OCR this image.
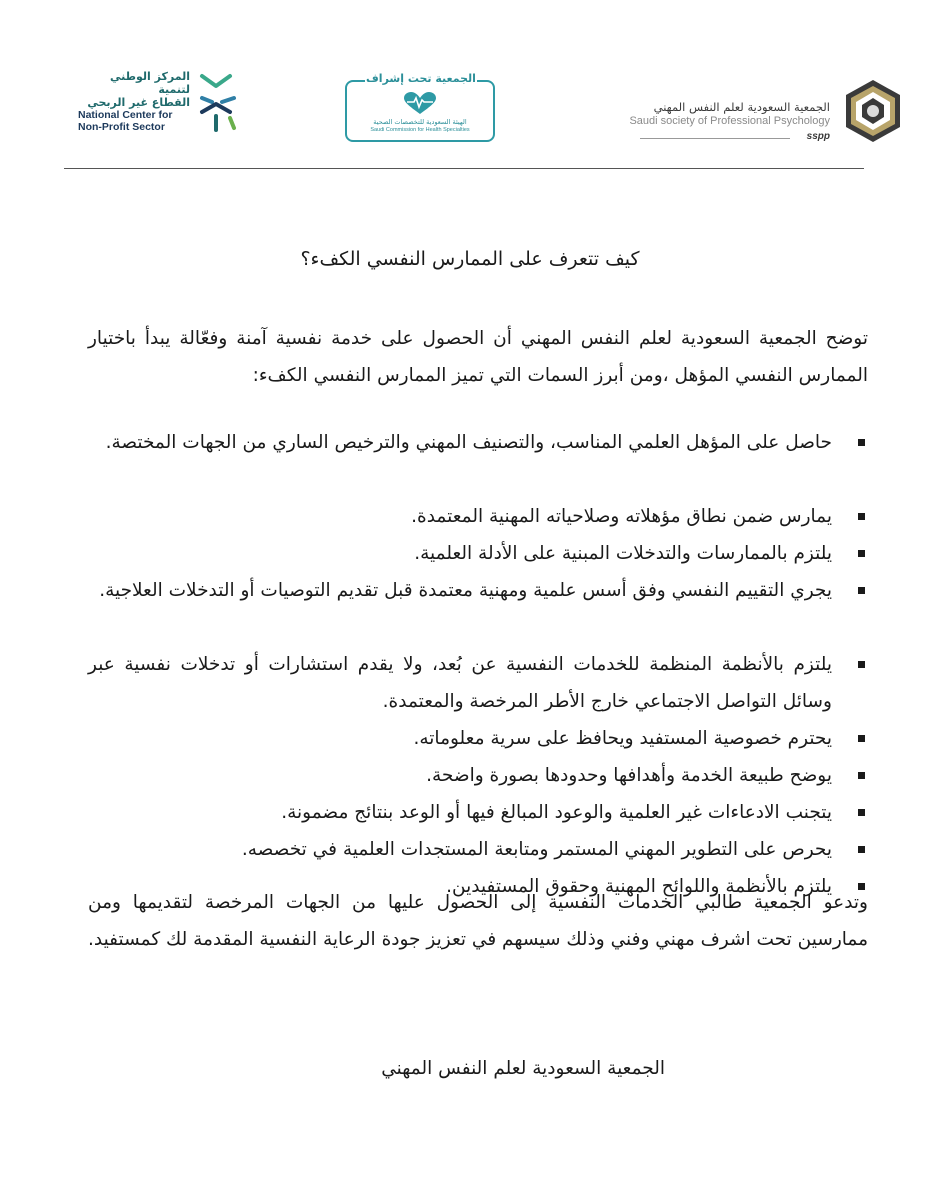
المركز الوطني لتنمية
القطاع غير الربحي
National Center for
Non-Profit Sector
الجمعية تحت إشراف
الهيئة السعودية للتخصصات الصحية
Saudi Commission for Health Specialties
الجمعية السعودية لعلم النفس المهني
Saudi society of Professional Psychology
sspp
كيف تتعرف على الممارس النفسي الكفء؟
توضح الجمعية السعودية لعلم النفس المهني أن الحصول على خدمة نفسية آمنة وفعّالة يبدأ باختيار الممارس النفسي المؤهل ،ومن أبرز السمات التي تميز الممارس النفسي الكفء:
حاصل على المؤهل العلمي المناسب، والتصنيف المهني والترخيص الساري من الجهات المختصة.
يمارس ضمن نطاق مؤهلاته وصلاحياته المهنية المعتمدة.
يلتزم بالممارسات والتدخلات المبنية على الأدلة العلمية.
يجري التقييم النفسي وفق أسس علمية ومهنية معتمدة قبل تقديم التوصيات أو التدخلات العلاجية.
يلتزم بالأنظمة المنظمة للخدمات النفسية عن بُعد، ولا يقدم استشارات أو تدخلات نفسية عبر وسائل التواصل الاجتماعي خارج الأطر المرخصة والمعتمدة.
يحترم خصوصية المستفيد ويحافظ على سرية معلوماته.
يوضح طبيعة الخدمة وأهدافها وحدودها بصورة واضحة.
يتجنب الادعاءات غير العلمية والوعود المبالغ فيها أو الوعد بنتائج مضمونة.
يحرص على التطوير المهني المستمر ومتابعة المستجدات العلمية في تخصصه.
يلتزم بالأنظمة واللوائح المهنية وحقوق المستفيدين.
وتدعو الجمعية طالبي الخدمات النفسية إلى الحصول عليها من الجهات المرخصة لتقديمها ومن ممارسين تحت اشرف مهني وفني وذلك سيسهم في تعزيز جودة الرعاية النفسية المقدمة لك كمستفيد.
الجمعية السعودية لعلم النفس المهني
